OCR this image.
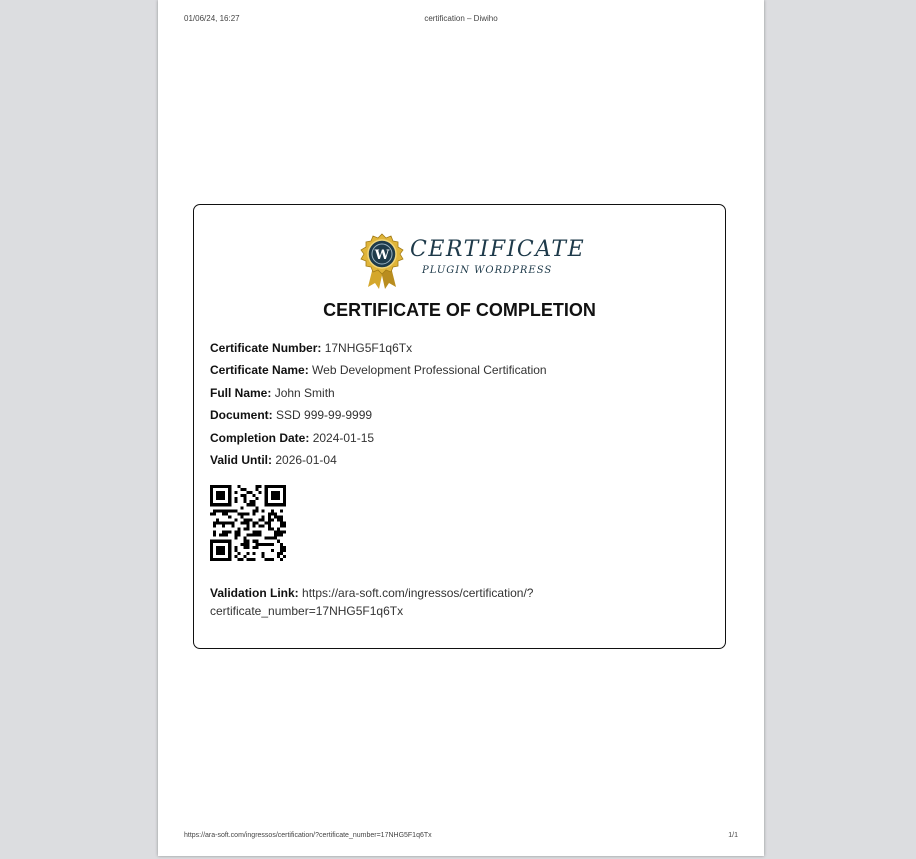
01/06/24, 16:27	certification – Diwiho
W CERTIFICATE
PLUGIN WORDPRESS
CERTIFICATE OF COMPLETION
Certificate Number: 17NHG5F1q6Tx
Certificate Name: Web Development Professional Certification
Full Name: John Smith
Document: SSD 999-99-9999
Completion Date: 2024-01-15
Valid Until: 2026-01-04
Validation Link: https://ara-soft.com/ingressos/certification/?
certificate_number=17NHG5F1q6Tx
https://ara-soft.com/ingressos/certification/?certificate_number=17NHG5F1q6Tx	1/1
